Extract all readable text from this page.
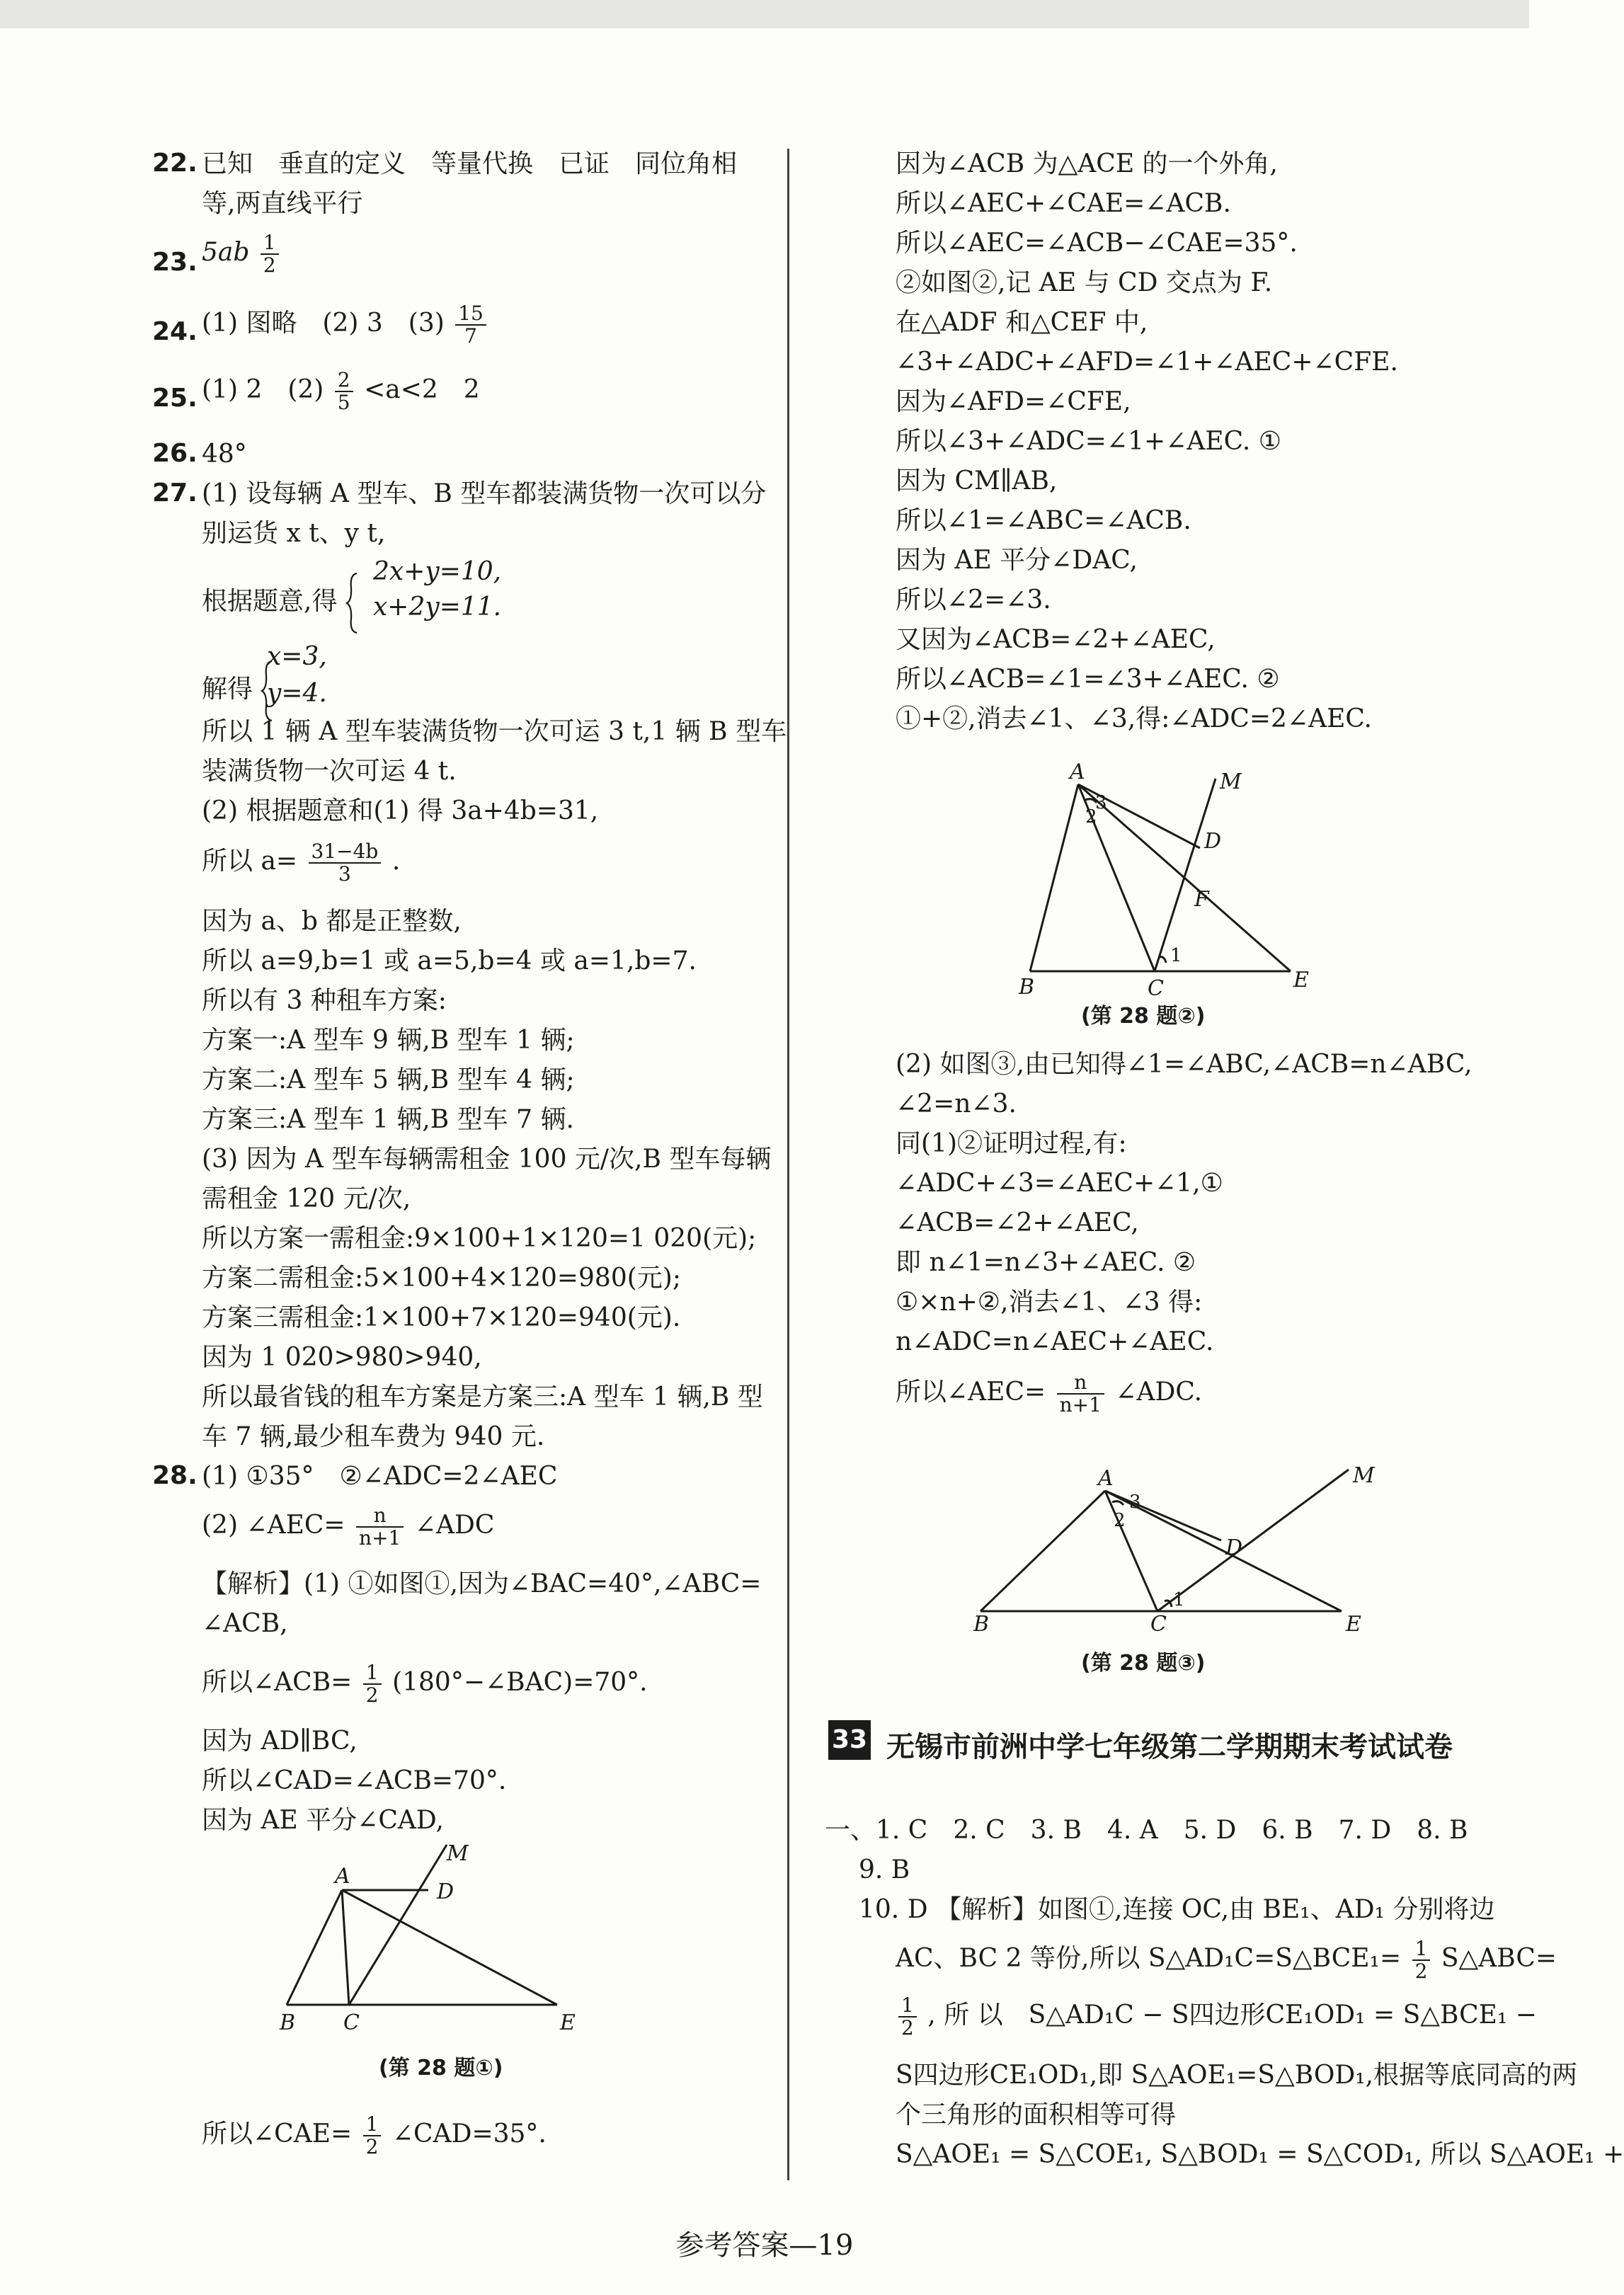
22. 已知　垂直的定义　等量代换　已证　同位角相
等,两直线平行
23. $5ab \frac{1}{2}$
24. (1) 图略　(2) 3　$(3) \frac{15}{7}$
25. (1) 2　$(2) \frac{2}{5} <a<2$　2
26. 48°
27. (1) 设每辆 A 型车、B 型车都装满货物一次可以分
别运货 x t、y t,
根据题意,得
2x+y=10,
x+2y=11.
解得
x=3,
y=4.
所以 1 辆 A 型车装满货物一次可运 3 t,1 辆 B 型车
装满货物一次可运 4 t.
(2) 根据题意和(1) 得 3a+4b=31,
所以 $a= \frac{31-4b}{3}$ .
因为 a、b 都是正整数,
所以 a=9,b=1 或 a=5,b=4 或 a=1,b=7.
所以有 3 种租车方案:
方案一:A 型车 9 辆,B 型车 1 辆;
方案二:A 型车 5 辆,B 型车 4 辆;
方案三:A 型车 1 辆,B 型车 7 辆.
(3) 因为 A 型车每辆需租金 100 元/次,B 型车每辆
需租金 120 元/次,
所以方案一需租金:9×100+1×120=1 020(元);
方案二需租金:5×100+4×120=980(元);
方案三需租金:1×100+7×120=940(元).
因为 1 020>980>940,
所以最省钱的租车方案是方案三:A 型车 1 辆,B 型
车 7 辆,最少租车费为 940 元.
28. (1) ①35°　②∠ADC=2∠AEC
(2) ∠AEC= $\frac{n}{n+1}$ ∠ADC
【解析】(1) ①如图①,因为∠BAC=40°,∠ABC=
∠ACB,
所以∠ACB= $\frac{1}{2}$ (180°−∠BAC)=70°.
因为 AD∥BC,
所以∠CAD=∠ACB=70°.
因为 AE 平分∠CAD,
A
D
M
B C	E
(第 28 题①)
所以∠CAE= $\frac{1}{2}$ ∠CAD=35°.
因为∠ACB 为△ACE 的一个外角,
所以∠AEC+∠CAE=∠ACB.
所以∠AEC=∠ACB−∠CAE=35°.
②如图②,记 AE 与 CD 交点为 F.
在△ADF 和△CEF 中,
∠3+∠ADC+∠AFD=∠1+∠AEC+∠CFE.
因为∠AFD=∠CFE,
所以∠3+∠ADC=∠1+∠AEC. ①
因为 CM∥AB,
所以∠1=∠ABC=∠ACB.
因为 AE 平分∠DAC,
所以∠2=∠3.
又因为∠ACB=∠2+∠AEC,
所以∠ACB=∠1=∠3+∠AEC. ②
①+②,消去∠1、∠3,得:∠ADC=2∠AEC.
A	M
D
F
B	C	E
1
2
3
(第 28 题②)
(2) 如图③,由已知得∠1=∠ABC,∠ACB=n∠ABC,
∠2=n∠3.
同(1)②证明过程,有:
∠ADC+∠3=∠AEC+∠1,①
∠ACB=∠2+∠AEC,
即 n∠1=n∠3+∠AEC. ②
①×n+②,消去∠1、∠3 得:
n∠ADC=n∠AEC+∠AEC.
所以∠AEC= $\frac{n}{n+1}$ ∠ADC.
A	M
D
B	C	E
1
2
3
(第 28 题③)
一、1. C　2. C　3. B　4. A　5. D　6. B　7. D　8. B
9. B
10. D 【解析】如图①,连接 OC,由 BE₁、AD₁ 分别将边
AC、BC 2 等份,所以 S△AD₁C=S△BCE₁= $\frac{1}{2}$ S△ABC=
$\frac{1}{2}$ , 所 以　S△AD₁C − S四边形CE₁OD₁ = S△BCE₁ −
S四边形CE₁OD₁,即 S△AOE₁=S△BOD₁,根据等底同高的两
个三角形的面积相等可得
S△AOE₁ = S△COE₁, S△BOD₁ = S△COD₁, 所以 S△AOE₁ +
33 无锡市前洲中学七年级第二学期期末考试试卷
参考答案—19
